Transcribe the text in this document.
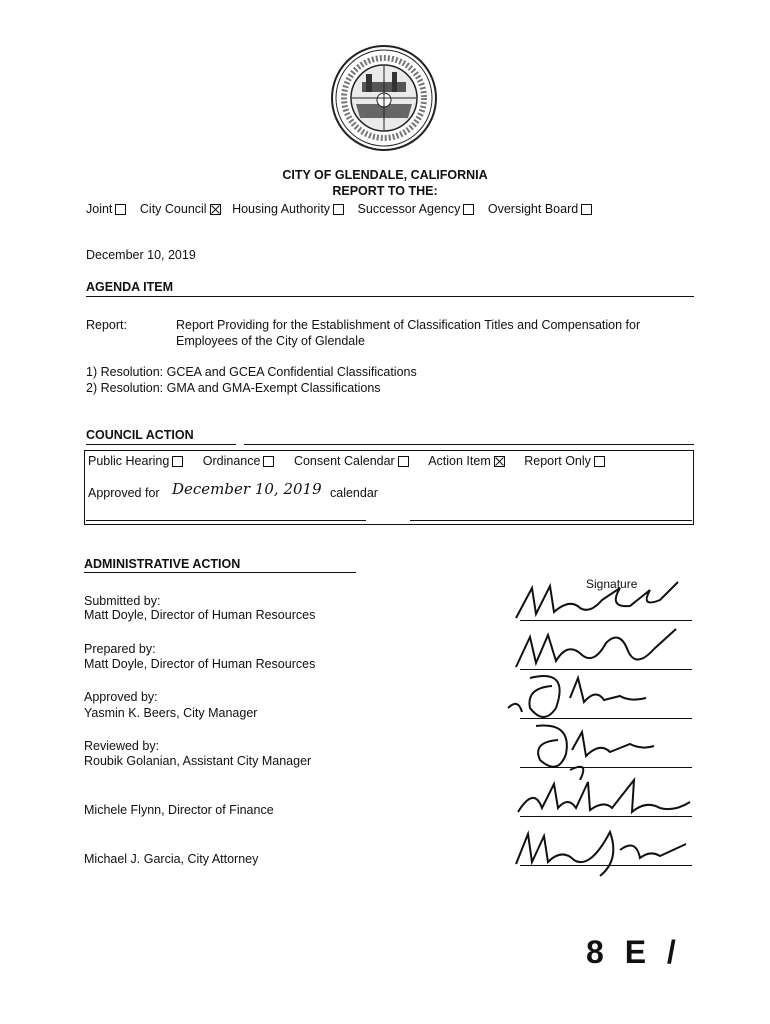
CITY OF GLENDALE, CALIFORNIA
REPORT TO THE:
Joint City Council Housing Authority Successor Agency Oversight Board
December 10, 2019
AGENDA ITEM
Report:	Report Providing for the Establishment of Classification Titles and Compensation for
Employees of the City of Glendale
1) Resolution: GCEA and GCEA Confidential Classifications
2) Resolution: GMA and GMA-Exempt Classifications
COUNCIL ACTION
Public Hearing	Ordinance	Consent Calendar	Action Item	Report Only
Approved for December 10, 2019 calendar
ADMINISTRATIVE ACTION
Signature
Submitted by:
Matt Doyle, Director of Human Resources
Prepared by:
Matt Doyle, Director of Human Resources
Approved by:
Yasmin K. Beers, City Manager
Reviewed by:
Roubik Golanian, Assistant City Manager
Michele Flynn, Director of Finance
Michael J. Garcia, City Attorney
8 E /
